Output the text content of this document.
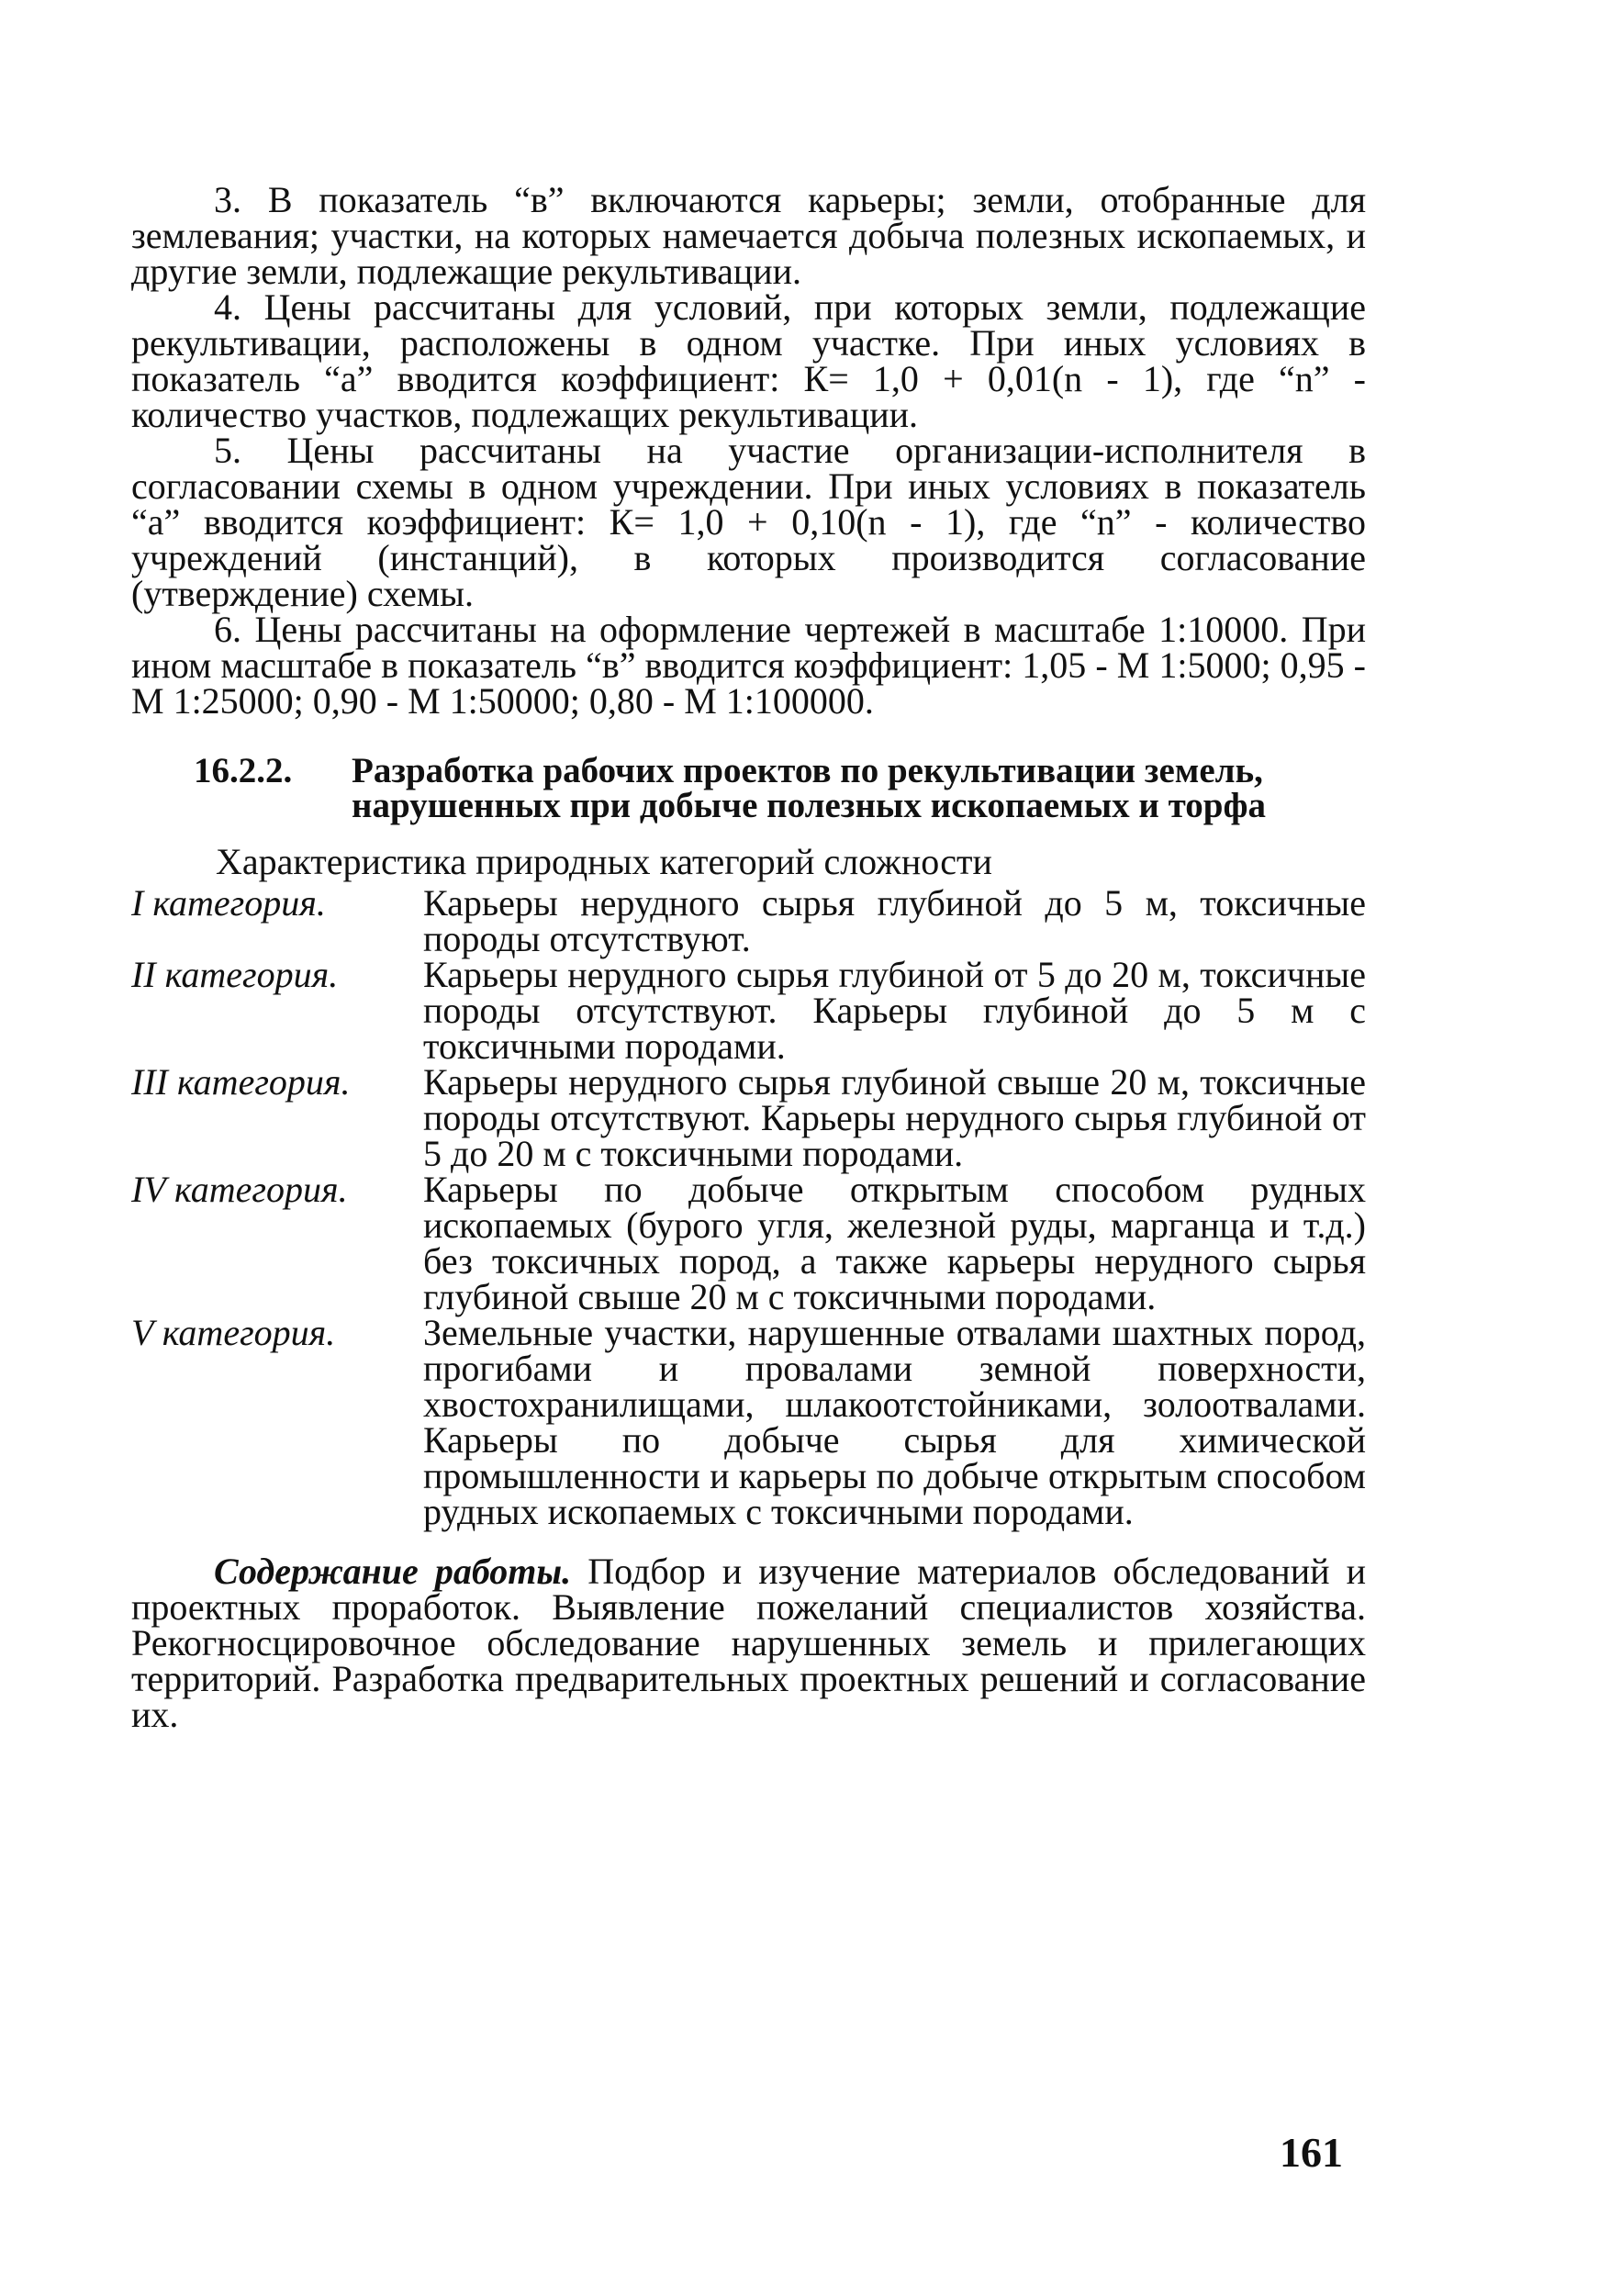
3. В показатель “в” включаются карьеры; земли, отобранные для землевания; участки, на которых намечается добыча полезных ископаемых, и другие земли, подлежащие рекультивации.

4. Цены рассчитаны для условий, при которых земли, подлежащие рекультивации, расположены в одном участке. При иных условиях в показатель “а” вводится коэффициент: К= 1,0 + 0,01(n - 1), где “n” - количество участков, подлежащих рекультивации.

5. Цены рассчитаны на участие организации-исполнителя в согласовании схемы в одном учреждении. При иных условиях в показатель “а” вводится коэффициент: К= 1,0 + 0,10(n - 1), где “n” - количество учреждений (инстанций), в которых производится согласование (утверждение) схемы.

6. Цены рассчитаны на оформление чертежей в масштабе 1:10000. При ином масштабе в показатель “в” вводится коэффициент: 1,05 - М 1:5000; 0,95 - М 1:25000; 0,90 - М 1:50000; 0,80 - М 1:100000.

16.2.2.	Разработка рабочих проектов по рекультивации земель, нарушенных при добыче полезных ископаемых и торфа
Характеристика природных категорий сложности
I категория.	Карьеры нерудного сырья глубиной до 5 м, токсичные породы отсутствуют.
II категория.	Карьеры нерудного сырья глубиной от 5 до 20 м, токсичные породы отсутствуют. Карьеры глубиной до 5 м с токсичными породами.
III категория.	Карьеры нерудного сырья глубиной свыше 20 м, токсичные породы отсутствуют. Карьеры нерудного сырья глубиной от 5 до 20 м с токсичными породами.
IV категория.	Карьеры по добыче открытым способом рудных ископаемых (бурого угля, железной руды, марганца и т.д.) без токсичных пород, а также карьеры нерудного сырья глубиной свыше 20 м с токсичными породами.
V категория.	Земельные участки, нарушенные отвалами шахтных пород, прогибами и провалами земной поверхности, хвостохранилищами, шлакоотстойниками, золоотвалами. Карьеры по добыче сырья для химической промышленности и карьеры по добыче открытым способом рудных ископаемых с токсичными породами.
Содержание работы. Подбор и изучение материалов обследований и проектных проработок. Выявление пожеланий специалистов хозяйства. Рекогносцировочное обследование нарушенных земель и прилегающих территорий. Разработка предварительных проектных решений и согласование их.
161
